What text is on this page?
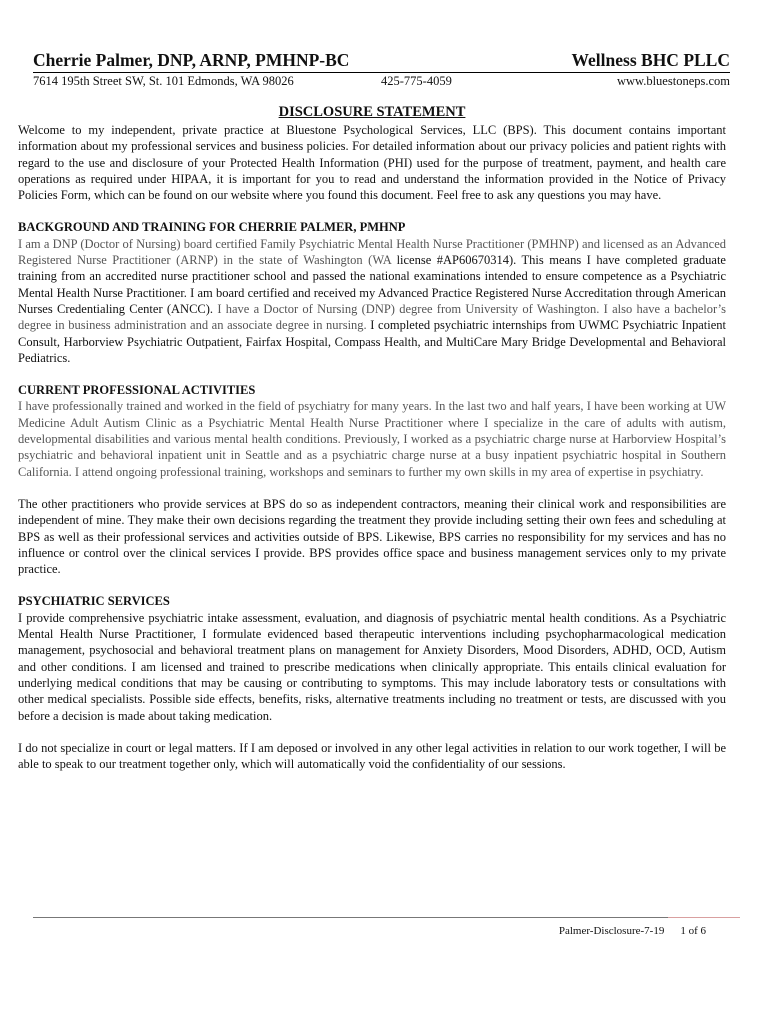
Cherrie Palmer, DNP, ARNP, PMHNP-BC	Wellness BHC PLLC
7614 195th Street SW, St. 101 Edmonds, WA 98026	425-775-4059	www.bluestoneps.com
DISCLOSURE STATEMENT

Welcome to my independent, private practice at Bluestone Psychological Services, LLC (BPS). This document contains important information about my professional services and business policies. For detailed information about our privacy policies and patient rights with regard to the use and disclosure of your Protected Health Information (PHI) used for the purpose of treatment, payment, and health care operations as required under HIPAA, it is important for you to read and understand the information provided in the Notice of Privacy Policies Form, which can be found on our website where you found this document. Feel free to ask any questions you may have.

BACKGROUND AND TRAINING FOR CHERRIE PALMER, PMHNP

I am a DNP (Doctor of Nursing) board certified Family Psychiatric Mental Health Nurse Practitioner (PMHNP) and licensed as an Advanced Registered Nurse Practitioner (ARNP) in the state of Washington (WA license #AP60670314). This means I have completed graduate training from an accredited nurse practitioner school and passed the national examinations intended to ensure competence as a Psychiatric Mental Health Nurse Practitioner. I am board certified and received my Advanced Practice Registered Nurse Accreditation through American Nurses Credentialing Center (ANCC). I have a Doctor of Nursing (DNP) degree from University of Washington. I also have a bachelor’s degree in business administration and an associate degree in nursing. I completed psychiatric internships from UWMC Psychiatric Inpatient Consult, Harborview Psychiatric Outpatient, Fairfax Hospital, Compass Health, and MultiCare Mary Bridge Developmental and Behavioral Pediatrics.

CURRENT PROFESSIONAL ACTIVITIES

I have professionally trained and worked in the field of psychiatry for many years. In the last two and half years, I have been working at UW Medicine Adult Autism Clinic as a Psychiatric Mental Health Nurse Practitioner where I specialize in the care of adults with autism, developmental disabilities and various mental health conditions. Previously, I worked as a psychiatric charge nurse at Harborview Hospital’s psychiatric and behavioral inpatient unit in Seattle and as a psychiatric charge nurse at a busy inpatient psychiatric hospital in Southern California. I attend ongoing professional training, workshops and seminars to further my own skills in my area of expertise in psychiatry.

The other practitioners who provide services at BPS do so as independent contractors, meaning their clinical work and responsibilities are independent of mine. They make their own decisions regarding the treatment they provide including setting their own fees and scheduling at BPS as well as their professional services and activities outside of BPS. Likewise, BPS carries no responsibility for my services and has no influence or control over the clinical services I provide. BPS provides office space and business management services only to my private practice.

PSYCHIATRIC SERVICES

I provide comprehensive psychiatric intake assessment, evaluation, and diagnosis of psychiatric mental health conditions. As a Psychiatric Mental Health Nurse Practitioner, I formulate evidenced based therapeutic interventions including psychopharmacological medication management, psychosocial and behavioral treatment plans on management for Anxiety Disorders, Mood Disorders, ADHD, OCD, Autism and other conditions. I am licensed and trained to prescribe medications when clinically appropriate. This entails clinical evaluation for underlying medical conditions that may be causing or contributing to symptoms. This may include laboratory tests or consultations with other medical specialists. Possible side effects, benefits, risks, alternative treatments including no treatment or tests, are discussed with you before a decision is made about taking medication.

I do not specialize in court or legal matters. If I am deposed or involved in any other legal activities in relation to our work together, I will be able to speak to our treatment together only, which will automatically void the confidentiality of our sessions.

Palmer-Disclosure-7-19 1 of 6
